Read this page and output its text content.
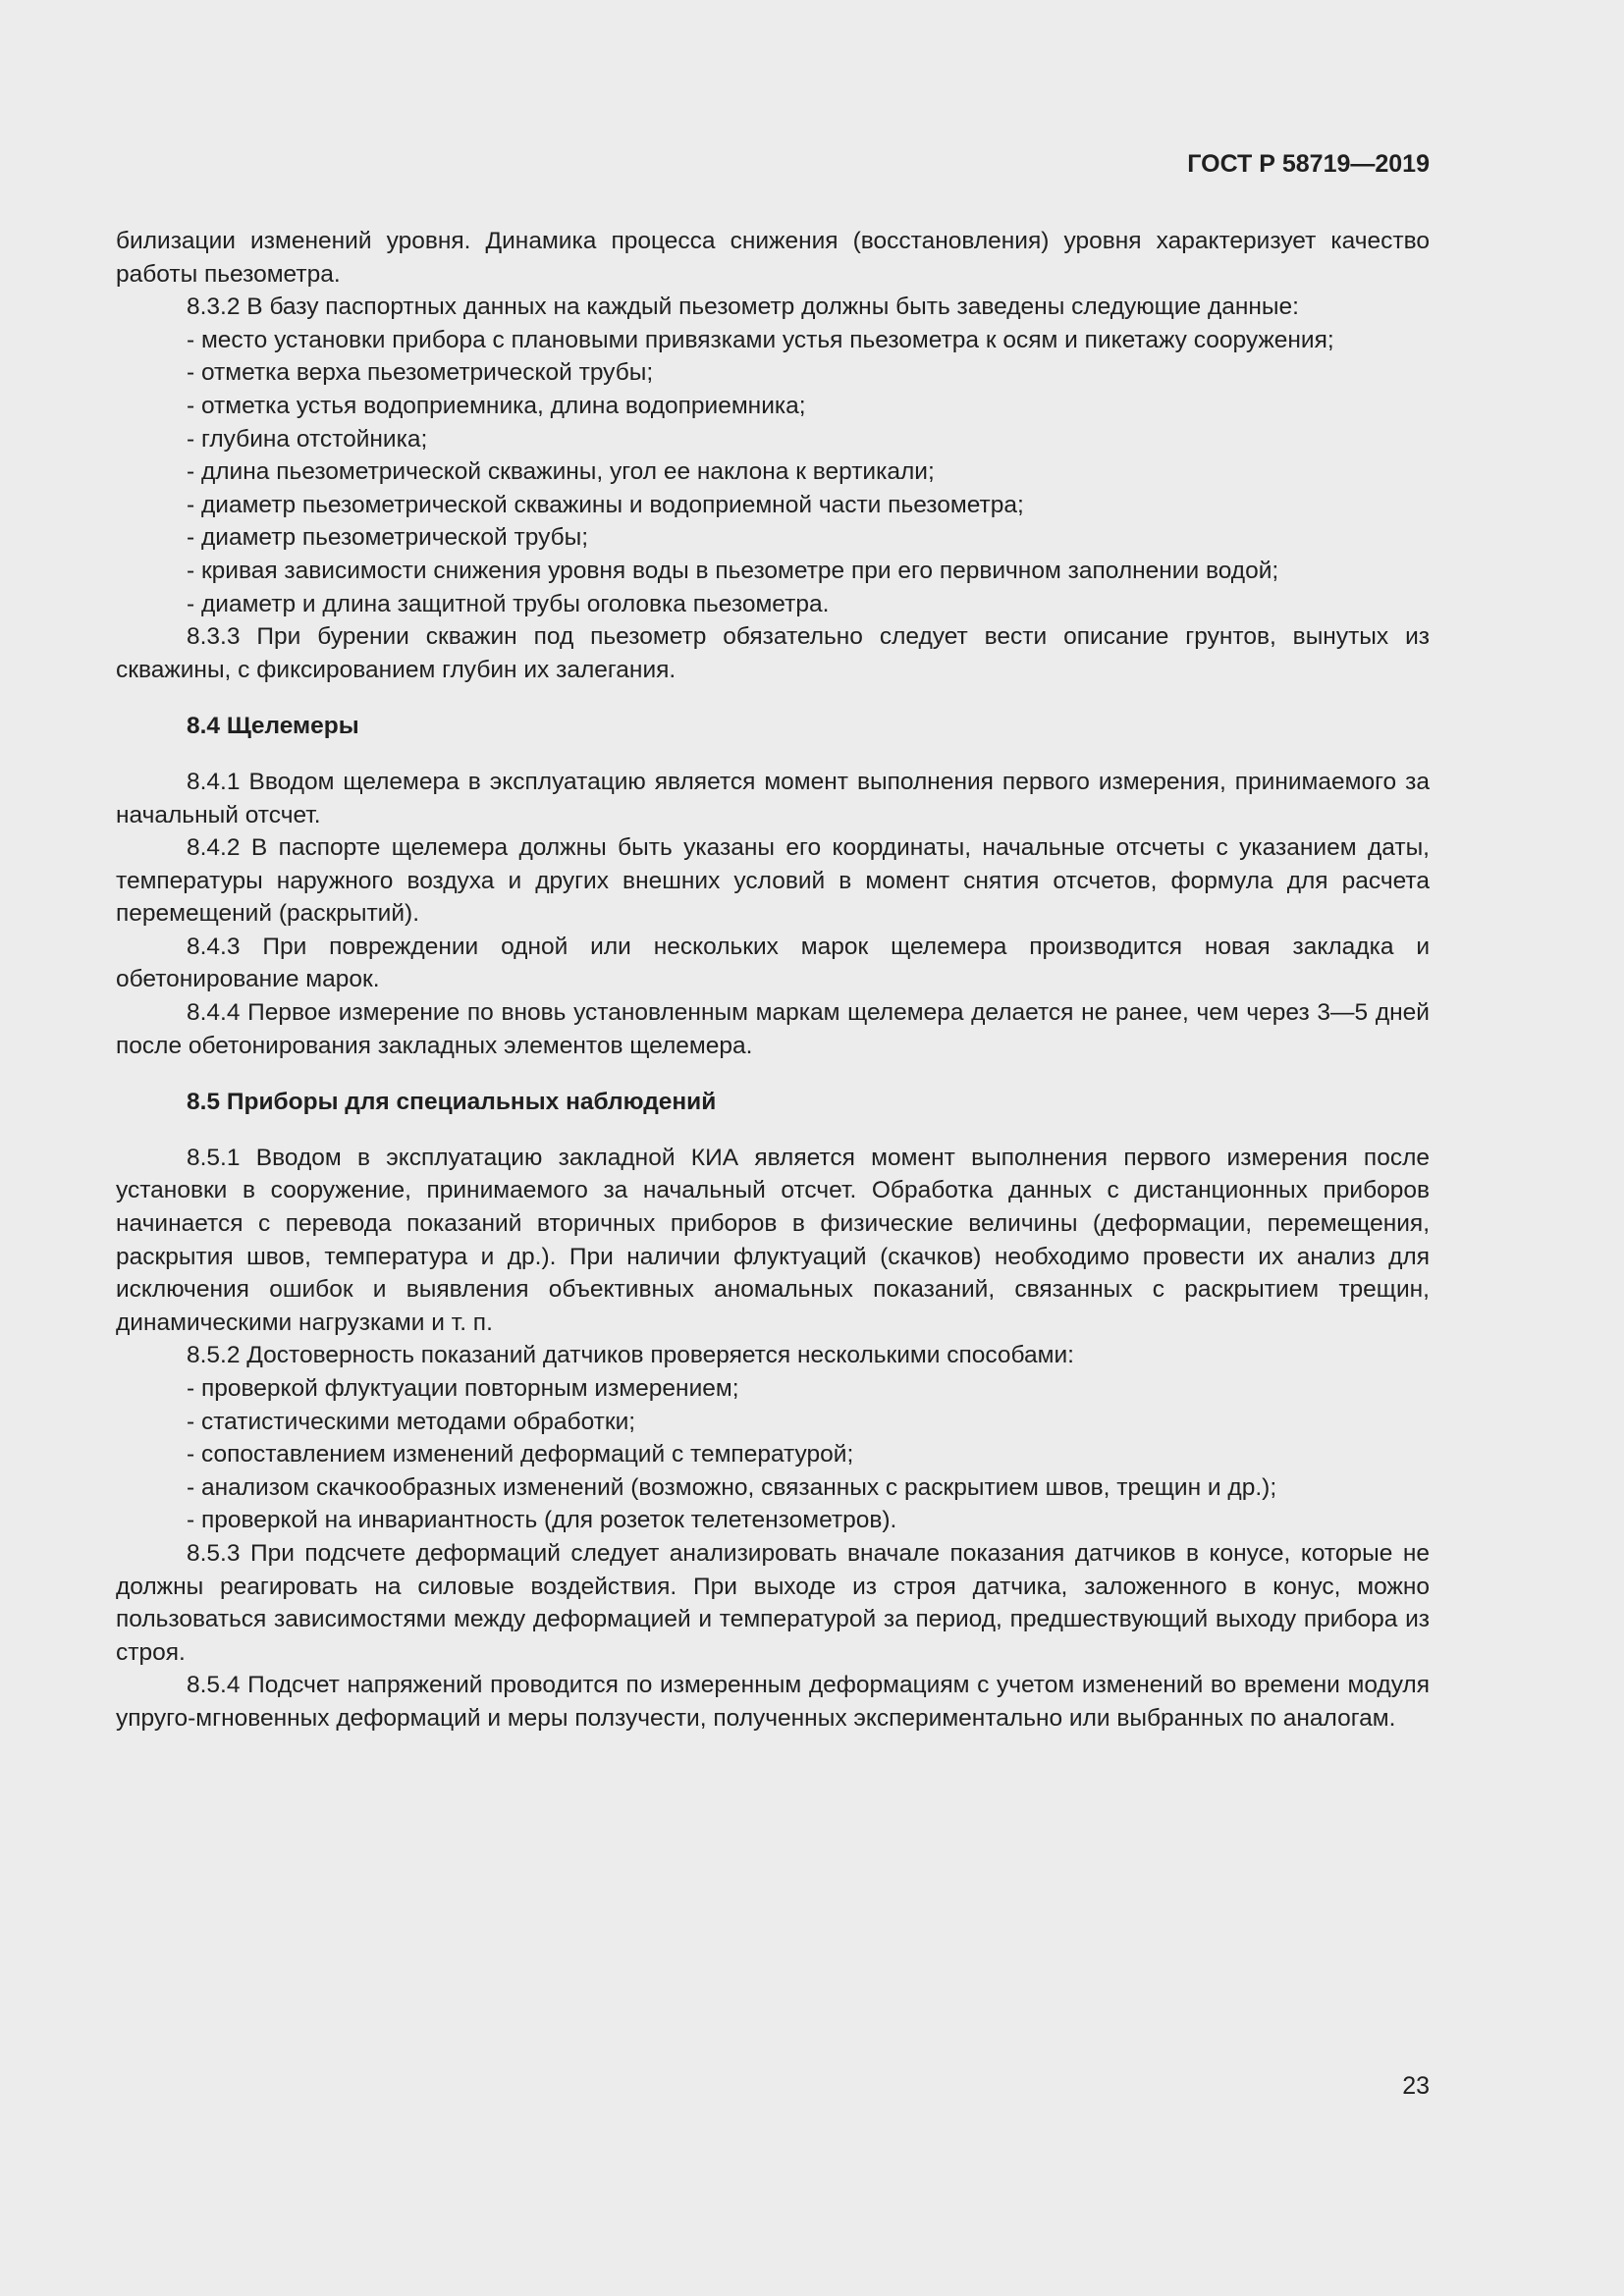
ГОСТ Р 58719—2019

билизации изменений уровня. Динамика процесса снижения (восстановления) уровня характеризует качество работы пьезометра.

8.3.2 В базу паспортных данных на каждый пьезометр должны быть заведены следующие данные:

- место установки прибора с плановыми привязками устья пьезометра к осям и пикетажу сооружения;

- отметка верха пьезометрической трубы;

- отметка устья водоприемника, длина водоприемника;

- глубина отстойника;

- длина пьезометрической скважины, угол ее наклона к вертикали;

- диаметр пьезометрической скважины и водоприемной части пьезометра;

- диаметр пьезометрической трубы;

- кривая зависимости снижения уровня воды в пьезометре при его первичном заполнении водой;

- диаметр и длина защитной трубы оголовка пьезометра.

8.3.3 При бурении скважин под пьезометр обязательно следует вести описание грунтов, вынутых из скважины, с фиксированием глубин их залегания.

8.4 Щелемеры

8.4.1 Вводом щелемера в эксплуатацию является момент выполнения первого измерения, принимаемого за начальный отсчет.

8.4.2 В паспорте щелемера должны быть указаны его координаты, начальные отсчеты с указанием даты, температуры наружного воздуха и других внешних условий в момент снятия отсчетов, формула для расчета перемещений (раскрытий).

8.4.3 При повреждении одной или нескольких марок щелемера производится новая закладка и обетонирование марок.

8.4.4 Первое измерение по вновь установленным маркам щелемера делается не ранее, чем через 3—5 дней после обетонирования закладных элементов щелемера.

8.5 Приборы для специальных наблюдений

8.5.1 Вводом в эксплуатацию закладной КИА является момент выполнения первого измерения после установки в сооружение, принимаемого за начальный отсчет. Обработка данных с дистанционных приборов начинается с перевода показаний вторичных приборов в физические величины (деформации, перемещения, раскрытия швов, температура и др.). При наличии флуктуаций (скачков) необходимо провести их анализ для исключения ошибок и выявления объективных аномальных показаний, связанных с раскрытием трещин, динамическими нагрузками и т. п.

8.5.2 Достоверность показаний датчиков проверяется несколькими способами:

- проверкой флуктуации повторным измерением;

- статистическими методами обработки;

- сопоставлением изменений деформаций с температурой;

- анализом скачкообразных изменений (возможно, связанных с раскрытием швов, трещин и др.);

- проверкой на инвариантность (для розеток телетензометров).

8.5.3 При подсчете деформаций следует анализировать вначале показания датчиков в конусе, которые не должны реагировать на силовые воздействия. При выходе из строя датчика, заложенного в конус, можно пользоваться зависимостями между деформацией и температурой за период, предшествующий выходу прибора из строя.

8.5.4 Подсчет напряжений проводится по измеренным деформациям с учетом изменений во времени модуля упруго-мгновенных деформаций и меры ползучести, полученных экспериментально или выбранных по аналогам.

23
